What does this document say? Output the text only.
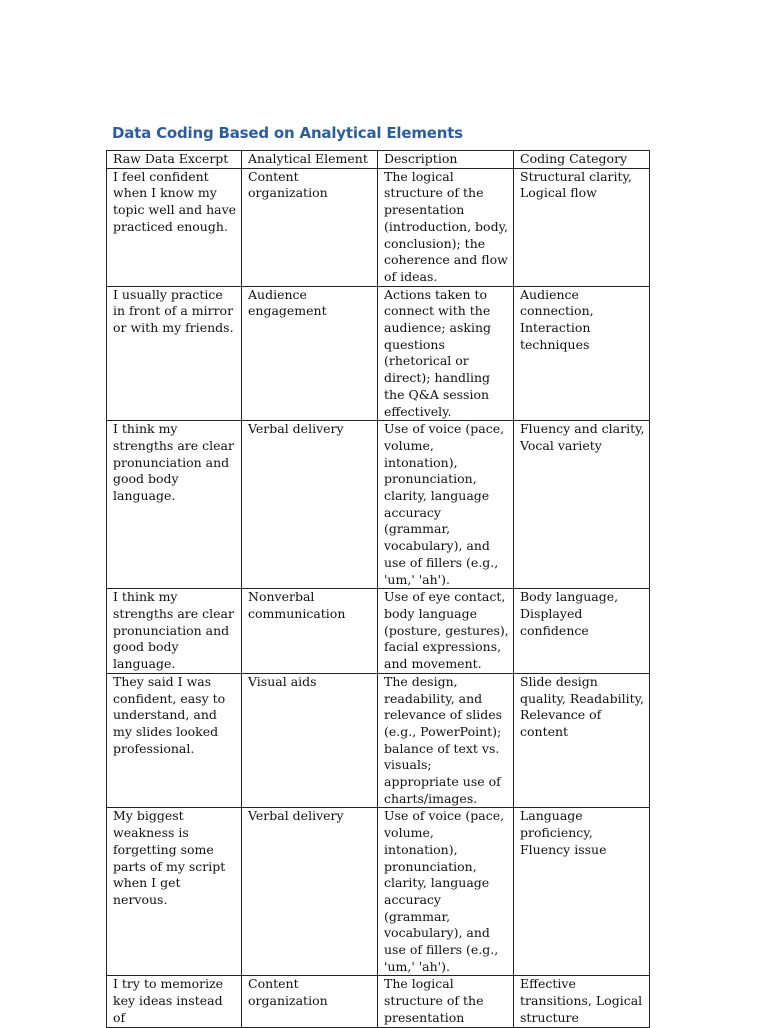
Data Coding Based on Analytical Elements
Raw Data Excerpt	Analytical Element	Description	Coding Category
I feel confident when I know my topic well and have practiced enough.	Content organization	The logical structure of the presentation (introduction, body, conclusion); the coherence and flow of ideas.	Structural clarity, Logical flow
I usually practice in front of a mirror or with my friends.	Audience engagement	Actions taken to connect with the audience; asking questions (rhetorical or direct); handling the Q&A session effectively.	Audience connection, Interaction techniques
I think my strengths are clear pronunciation and good body language.	Verbal delivery	Use of voice (pace, volume, intonation), pronunciation, clarity, language accuracy (grammar, vocabulary), and use of fillers (e.g., 'um,' 'ah').	Fluency and clarity, Vocal variety
I think my strengths are clear pronunciation and good body language.	Nonverbal communication	Use of eye contact, body language (posture, gestures), facial expressions, and movement.	Body language, Displayed confidence
They said I was confident, easy to understand, and my slides looked professional.	Visual aids	The design, readability, and relevance of slides (e.g., PowerPoint); balance of text vs. visuals; appropriate use of charts/images.	Slide design quality, Readability, Relevance of content
My biggest weakness is forgetting some parts of my script when I get nervous.	Verbal delivery	Use of voice (pace, volume, intonation), pronunciation, clarity, language accuracy (grammar, vocabulary), and use of fillers (e.g., 'um,' 'ah').	Language proficiency, Fluency issue
I try to memorize key ideas instead of	Content organization	The logical structure of the presentation	Effective transitions, Logical structure
